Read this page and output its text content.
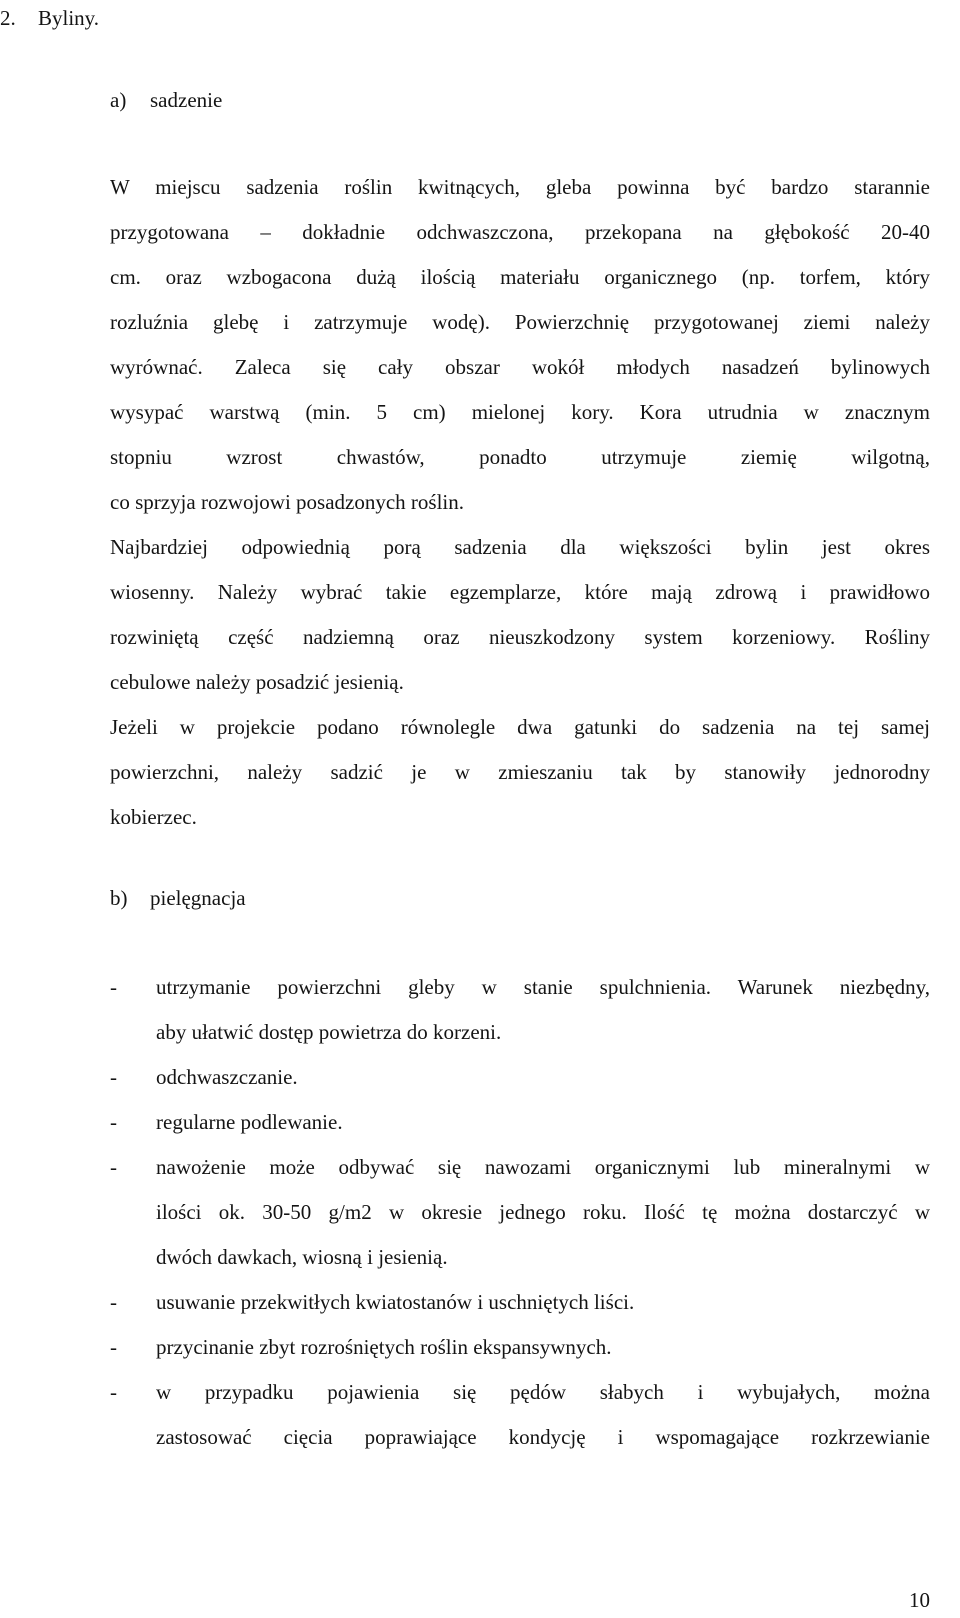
2. Byliny.
a) sadzenie
W miejscu sadzenia roślin kwitnących, gleba powinna być bardzo starannie
przygotowana – dokładnie odchwaszczona, przekopana na głębokość 20-40
cm. oraz wzbogacona dużą ilością materiału organicznego (np. torfem, który
rozluźnia glebę i zatrzymuje wodę). Powierzchnię przygotowanej ziemi należy
wyrównać. Zaleca się cały obszar wokół młodych nasadzeń bylinowych
wysypać warstwą (min. 5 cm) mielonej kory. Kora utrudnia w znacznym
stopniu wzrost chwastów, ponadto utrzymuje ziemię wilgotną,
co sprzyja rozwojowi posadzonych roślin.
Najbardziej odpowiednią porą sadzenia dla większości bylin jest okres
wiosenny. Należy wybrać takie egzemplarze, które mają zdrową i prawidłowo
rozwiniętą część nadziemną oraz nieuszkodzony system korzeniowy. Rośliny
cebulowe należy posadzić jesienią.
Jeżeli w projekcie podano równolegle dwa gatunki do sadzenia na tej samej
powierzchni, należy sadzić je w zmieszaniu tak by stanowiły jednorodny
kobierzec.
b) pielęgnacja
- utrzymanie powierzchni gleby w stanie spulchnienia. Warunek niezbędny,
aby ułatwić dostęp powietrza do korzeni.
- odchwaszczanie.
- regularne podlewanie.
- nawożenie może odbywać się nawozami organicznymi lub mineralnymi w
ilości ok. 30-50 g/m2 w okresie jednego roku. Ilość tę można dostarczyć w
dwóch dawkach, wiosną i jesienią.
- usuwanie przekwitłych kwiatostanów i uschniętych liści.
- przycinanie zbyt rozrośniętych roślin ekspansywnych.
- w przypadku pojawienia się pędów słabych i wybujałych, można
zastosować cięcia poprawiające kondycję i wspomagające rozkrzewianie
10
